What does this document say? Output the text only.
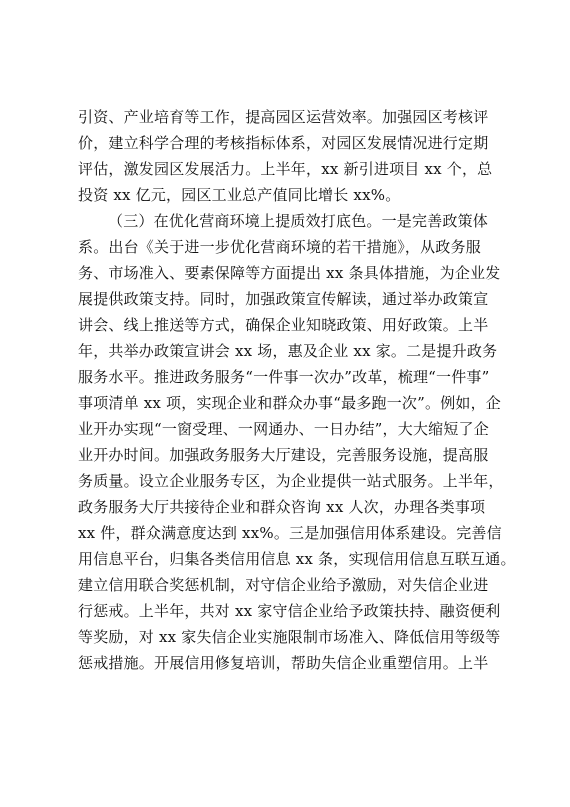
引资、产业培育等工作，提高园区运营效率。加强园区考核评
价，建立科学合理的考核指标体系，对园区发展情况进行定期
评估，激发园区发展活力。上半年，xx 新引进项目 xx 个，总
投资 xx 亿元，园区工业总产值同比增长 xx%。
（三）在优化营商环境上提质效打底色。一是完善政策体
系。出台《关于进一步优化营商环境的若干措施》，从政务服
务、市场准入、要素保障等方面提出 xx 条具体措施，为企业发
展提供政策支持。同时，加强政策宣传解读，通过举办政策宣
讲会、线上推送等方式，确保企业知晓政策、用好政策。上半
年，共举办政策宣讲会 xx 场，惠及企业 xx 家。二是提升政务
服务水平。推进政务服务“一件事一次办”改革，梳理“一件事”
事项清单 xx 项，实现企业和群众办事“最多跑一次”。例如，企
业开办实现“一窗受理、一网通办、一日办结”，大大缩短了企
业开办时间。加强政务服务大厅建设，完善服务设施，提高服
务质量。设立企业服务专区，为企业提供一站式服务。上半年，
政务服务大厅共接待企业和群众咨询 xx 人次，办理各类事项
xx 件，群众满意度达到 xx%。三是加强信用体系建设。完善信
用信息平台，归集各类信用信息 xx 条，实现信用信息互联互通。
建立信用联合奖惩机制，对守信企业给予激励，对失信企业进
行惩戒。上半年，共对 xx 家守信企业给予政策扶持、融资便利
等奖励，对 xx 家失信企业实施限制市场准入、降低信用等级等
惩戒措施。开展信用修复培训，帮助失信企业重塑信用。上半
